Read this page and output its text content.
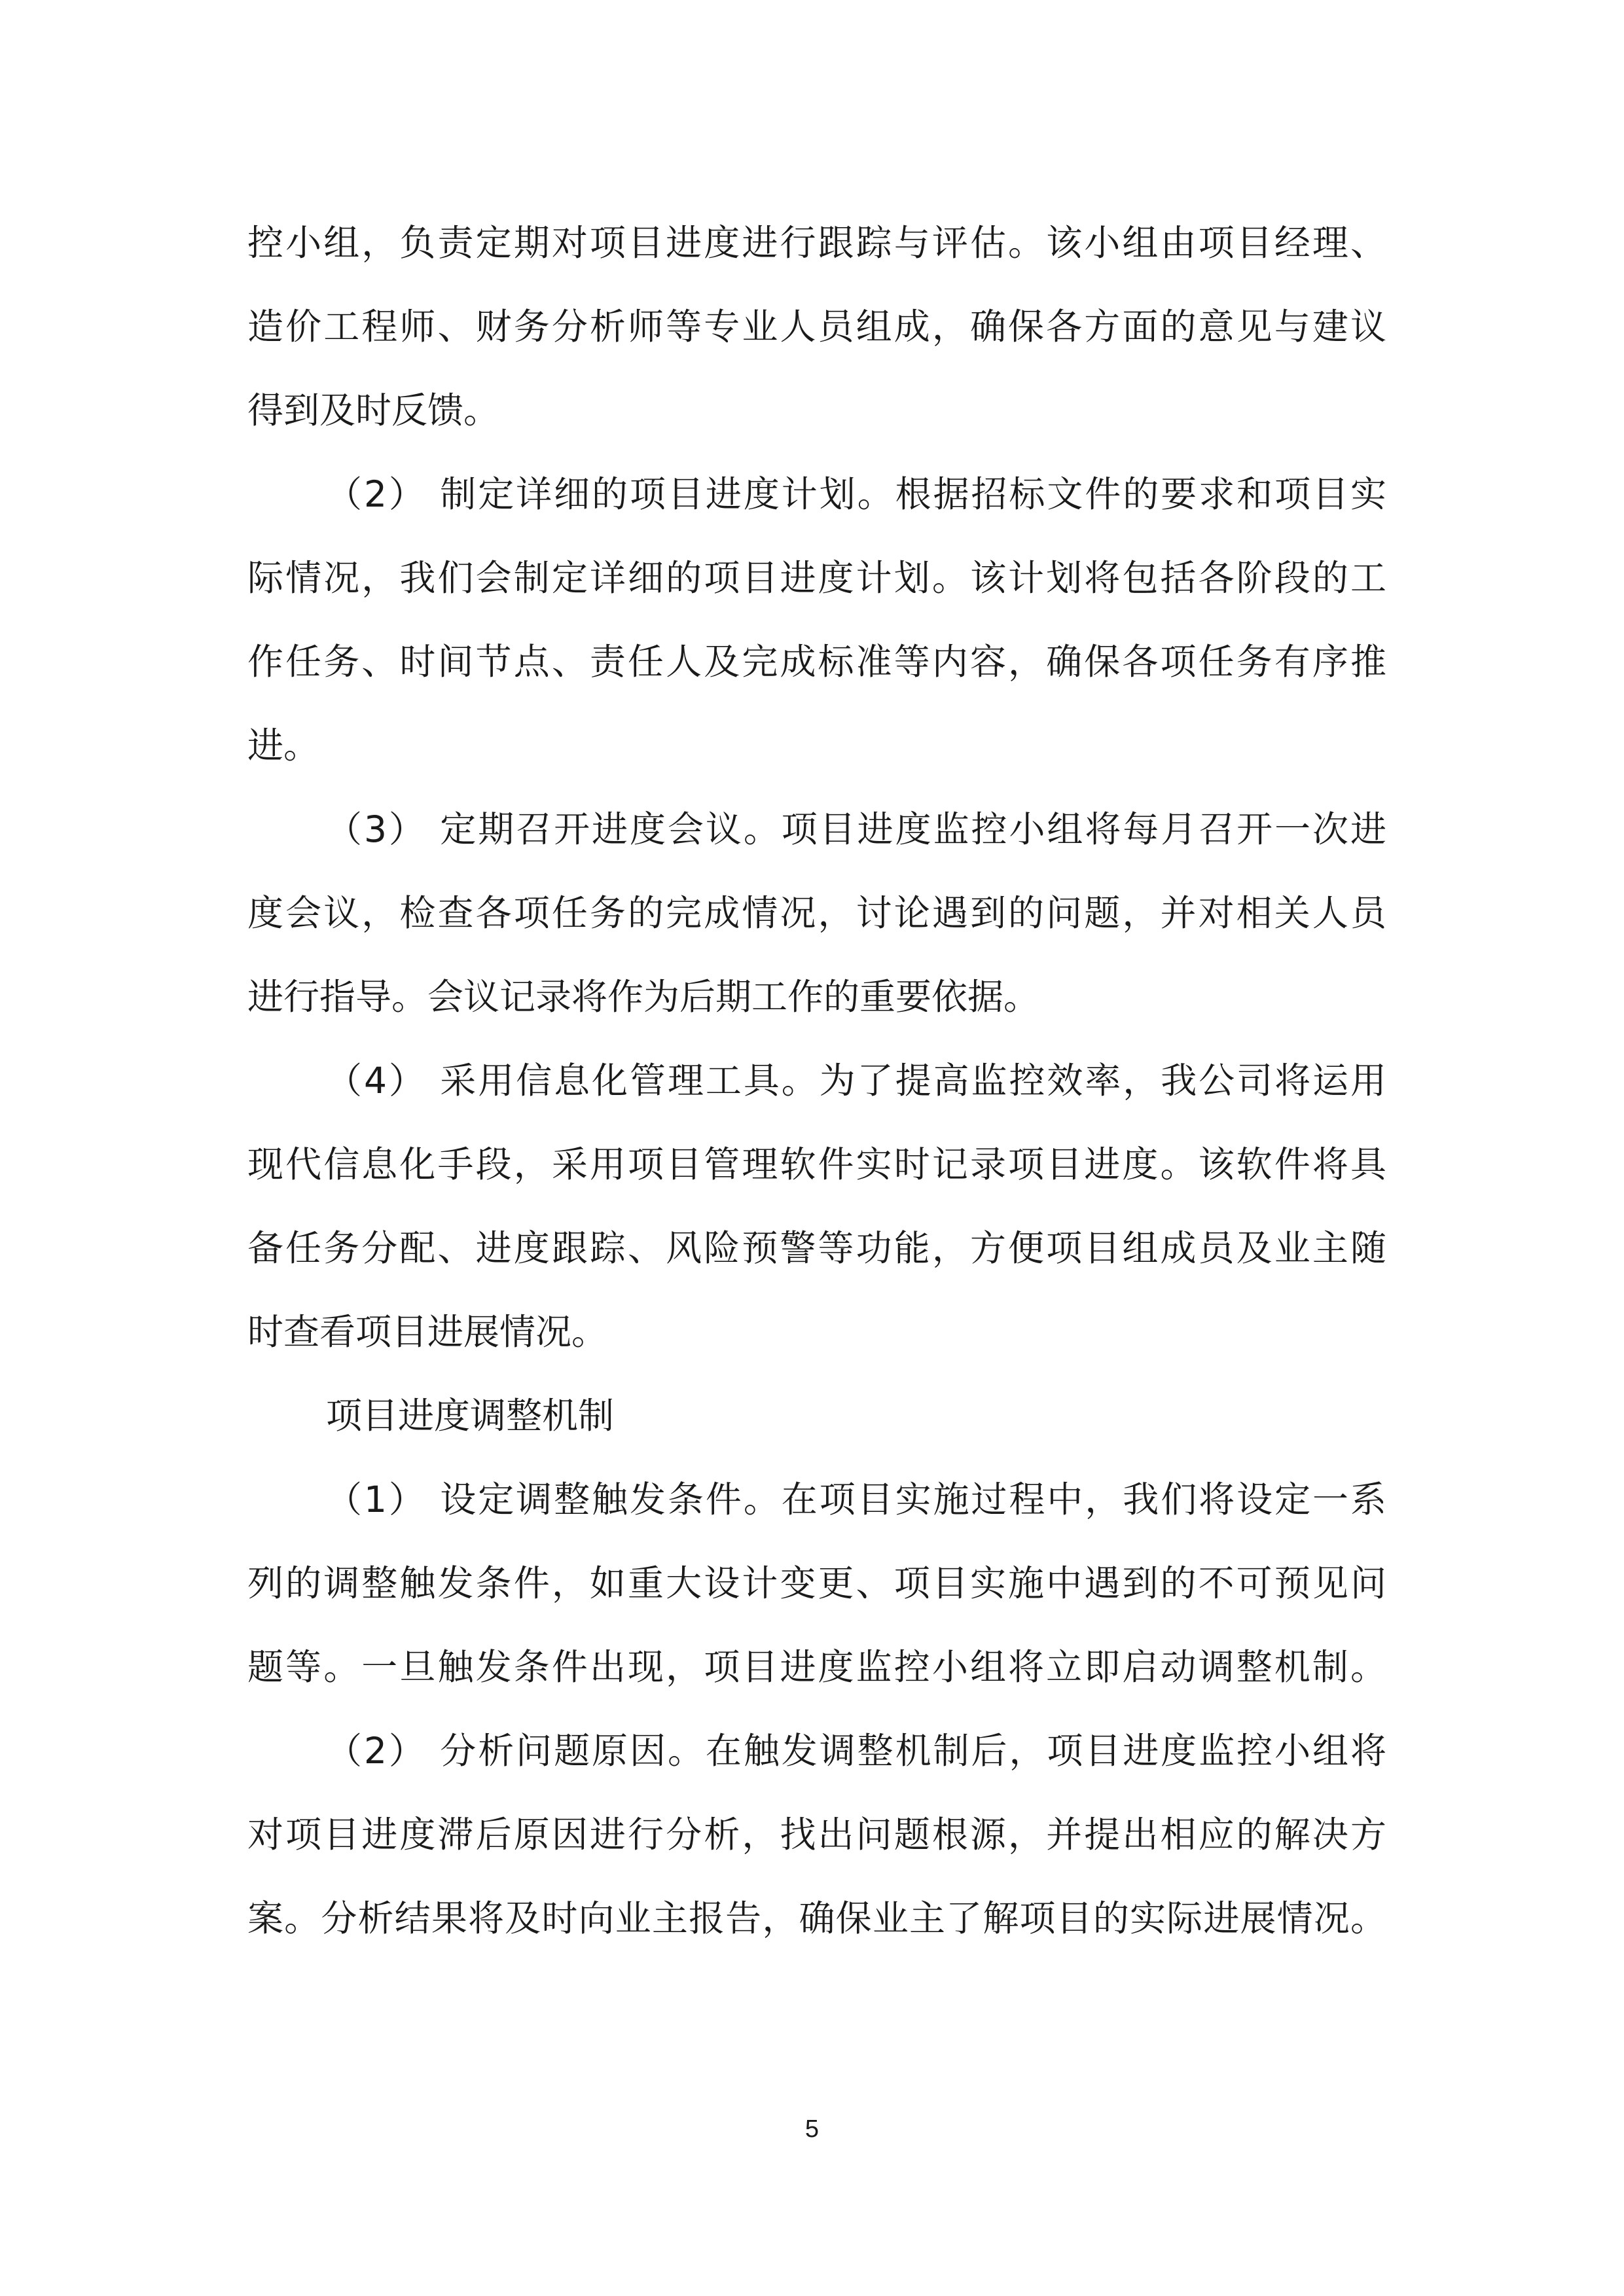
控小组，负责定期对项目进度进行跟踪与评估。该小组由项目经理、
造价工程师、财务分析师等专业人员组成，确保各方面的意见与建议
得到及时反馈。
（2） 制定详细的项目进度计划。根据招标文件的要求和项目实
际情况，我们会制定详细的项目进度计划。该计划将包括各阶段的工
作任务、时间节点、责任人及完成标准等内容，确保各项任务有序推
进。
（3） 定期召开进度会议。项目进度监控小组将每月召开一次进
度会议，检查各项任务的完成情况，讨论遇到的问题，并对相关人员
进行指导。会议记录将作为后期工作的重要依据。
（4） 采用信息化管理工具。为了提高监控效率，我公司将运用
现代信息化手段，采用项目管理软件实时记录项目进度。该软件将具
备任务分配、进度跟踪、风险预警等功能，方便项目组成员及业主随
时查看项目进展情况。
项目进度调整机制
（1） 设定调整触发条件。在项目实施过程中，我们将设定一系
列的调整触发条件，如重大设计变更、项目实施中遇到的不可预见问
题等。一旦触发条件出现，项目进度监控小组将立即启动调整机制。
（2） 分析问题原因。在触发调整机制后，项目进度监控小组将
对项目进度滞后原因进行分析，找出问题根源，并提出相应的解决方
案。分析结果将及时向业主报告，确保业主了解项目的实际进展情况。
5
